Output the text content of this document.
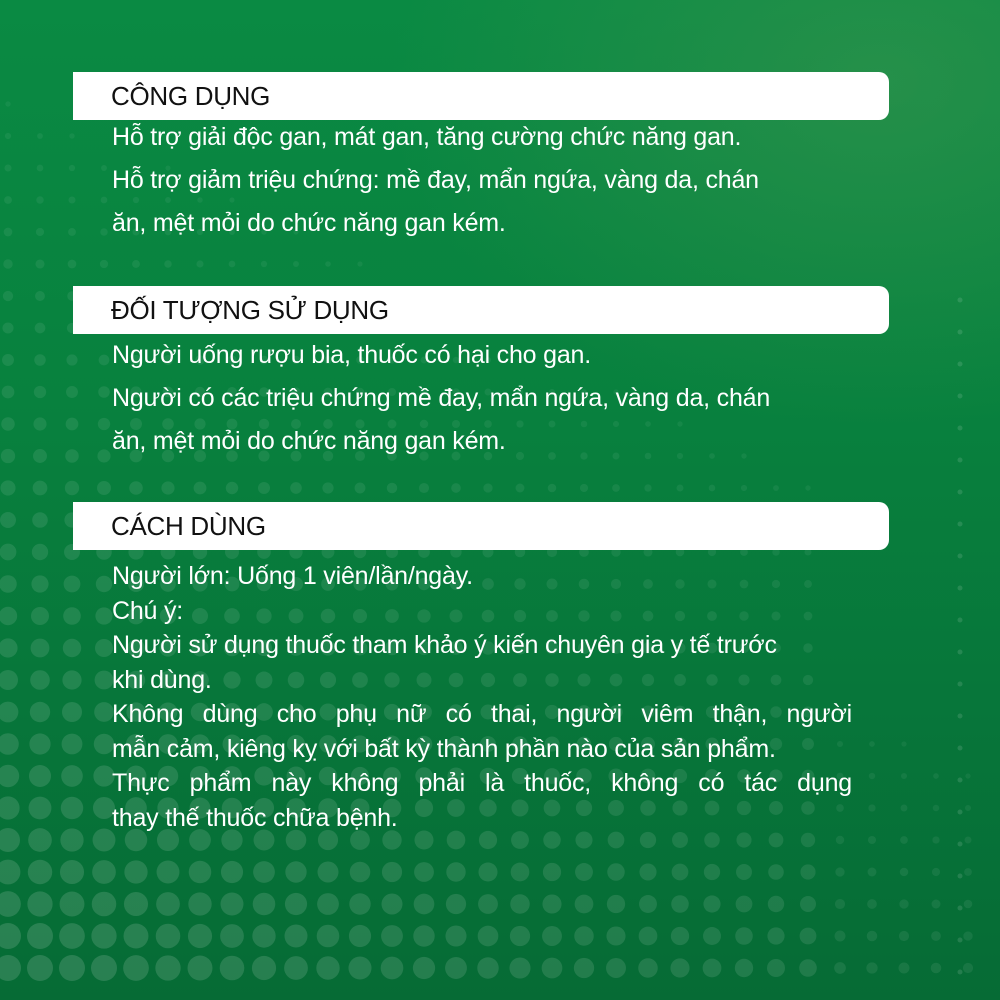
CÔNG DỤNG
Hỗ trợ giải độc gan, mát gan, tăng cường chức năng gan.
Hỗ trợ giảm triệu chứng: mề đay, mẩn ngứa, vàng da, chán
ăn, mệt mỏi do chức năng gan kém.
ĐỐI TƯỢNG SỬ DỤNG
Người uống rượu bia, thuốc có hại cho gan.
Người có các triệu chứng mề đay, mẩn ngứa, vàng da, chán
ăn, mệt mỏi do chức năng gan kém.
CÁCH DÙNG
Người lớn: Uống 1 viên/lần/ngày.
Chú ý:
Người sử dụng thuốc tham khảo ý kiến chuyên gia y tế trước
khi dùng.
Không dùng cho phụ nữ có thai, người viêm thận, người
mẫn cảm, kiêng kỵ với bất kỳ thành phần nào của sản phẩm.
Thực phẩm này không phải là thuốc, không có tác dụng
thay thế thuốc chữa bệnh.
